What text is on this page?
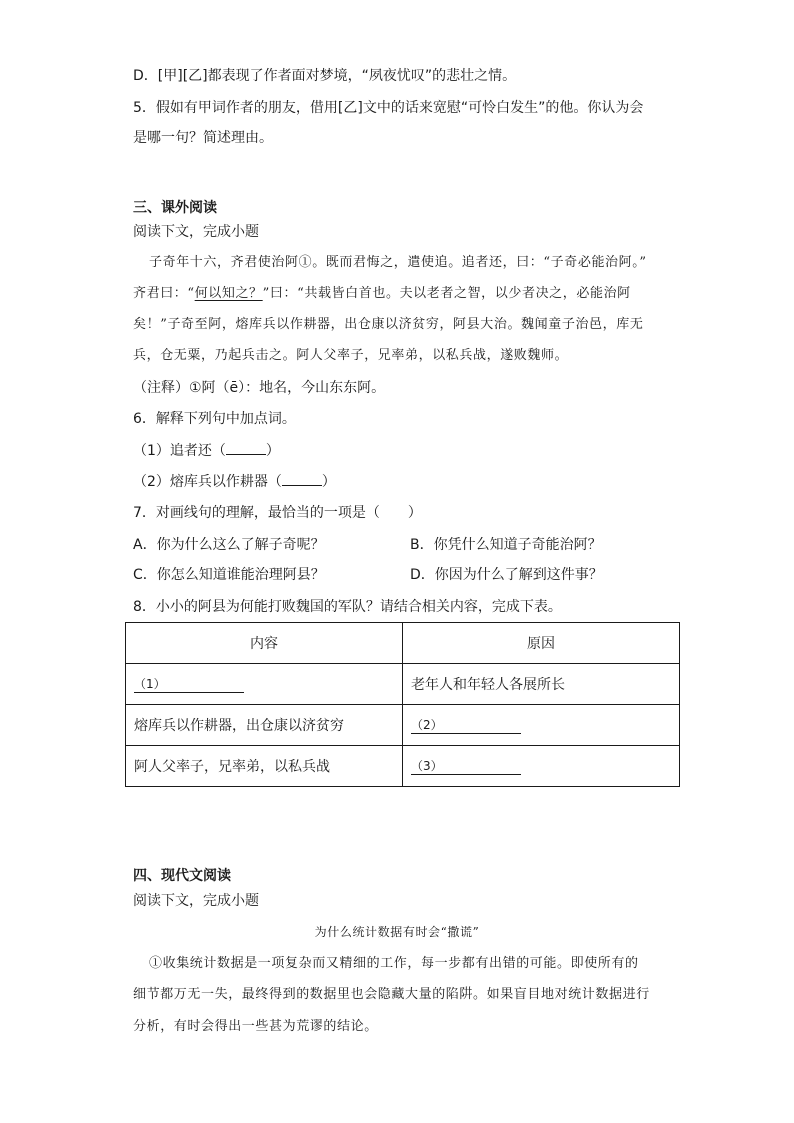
D．[甲][乙]都表现了作者面对梦境，“夙夜忧叹”的悲壮之情。
5．假如有甲词作者的朋友，借用[乙]文中的话来宽慰“可怜白发生”的他。你认为会
是哪一句？简述理由。
三、课外阅读
阅读下文，完成小题
子奇年十六，齐君使治阿①。既而君悔之，遣使追。追者还，曰：“子奇必能治阿。”
齐君曰：“何以知之？”曰：“共载皆白首也。夫以老者之智，以少者决之，必能治阿
矣！”子奇至阿，熔库兵以作耕器，出仓康以济贫穷，阿县大治。魏闻童子治邑，库无
兵，仓无粟，乃起兵击之。阿人父率子，兄率弟，以私兵战，遂败魏师。
（注释）①阿（ē）：地名，今山东东阿。
6．解释下列句中加点词。
（1）追者还（	）
（2）熔库兵以作耕器（	）
7．对画线句的理解，最恰当的一项是（　　）
A．你为什么这么了解子奇呢？	B．你凭什么知道子奇能治阿？
C．你怎么知道谁能治理阿县？	D．你因为什么了解到这件事？
8．小小的阿县为何能打败魏国的军队？请结合相关内容，完成下表。
内容	原因
（1）	老年人和年轻人各展所长
熔库兵以作耕器，出仓康以济贫穷	（2）
阿人父率子，兄率弟，以私兵战	（3）
四、现代文阅读
阅读下文，完成小题
为什么统计数据有时会“撒谎”
①收集统计数据是一项复杂而又精细的工作，每一步都有出错的可能。即使所有的
细节都万无一失，最终得到的数据里也会隐藏大量的陷阱。如果盲目地对统计数据进行
分析，有时会得出一些甚为荒谬的结论。
